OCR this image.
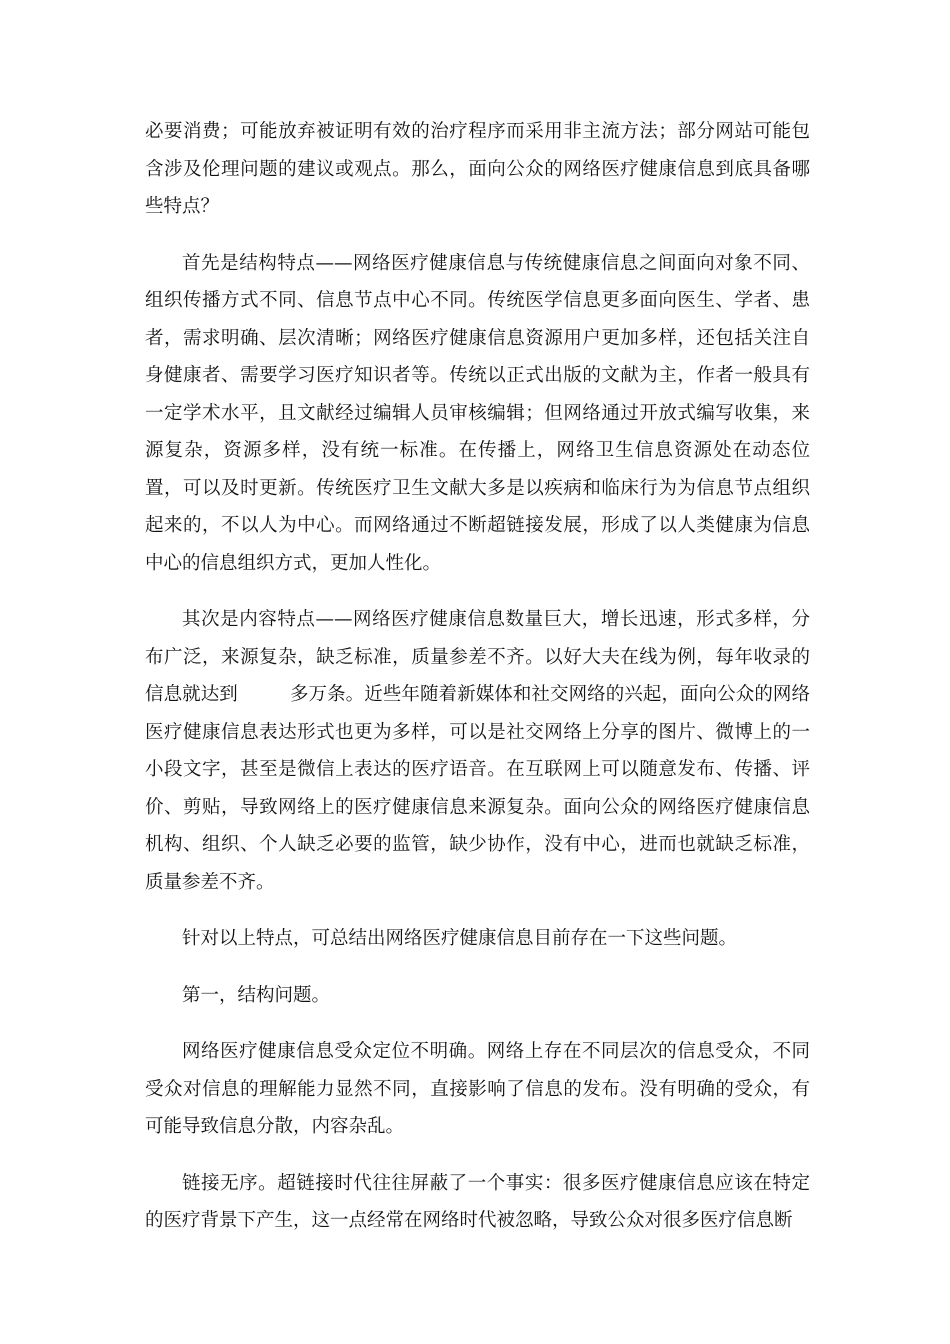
必要消费；可能放弃被证明有效的治疗程序而采用非主流方法；部分网站可能包含涉及伦理问题的建议或观点。那么，面向公众的网络医疗健康信息到底具备哪些特点？

首先是结构特点——网络医疗健康信息与传统健康信息之间面向对象不同、组织传播方式不同、信息节点中心不同。传统医学信息更多面向医生、学者、患者，需求明确、层次清晰；网络医疗健康信息资源用户更加多样，还包括关注自身健康者、需要学习医疗知识者等。传统以正式出版的文献为主，作者一般具有一定学术水平，且文献经过编辑人员审核编辑；但网络通过开放式编写收集，来源复杂，资源多样，没有统一标准。在传播上，网络卫生信息资源处在动态位置，可以及时更新。传统医疗卫生文献大多是以疾病和临床行为为信息节点组织起来的，不以人为中心。而网络通过不断超链接发展，形成了以人类健康为信息中心的信息组织方式，更加人性化。

其次是内容特点——网络医疗健康信息数量巨大，增长迅速，形式多样，分布广泛，来源复杂，缺乏标准，质量参差不齐。以好大夫在线为例，每年收录的信息就达到	多万条。近些年随着新媒体和社交网络的兴起，面向公众的网络医疗健康信息表达形式也更为多样，可以是社交网络上分享的图片、微博上的一小段文字，甚至是微信上表达的医疗语音。在互联网上可以随意发布、传播、评价、剪贴，导致网络上的医疗健康信息来源复杂。面向公众的网络医疗健康信息机构、组织、个人缺乏必要的监管，缺少协作，没有中心，进而也就缺乏标准，质量参差不齐。

针对以上特点，可总结出网络医疗健康信息目前存在一下这些问题。

第一，结构问题。

网络医疗健康信息受众定位不明确。网络上存在不同层次的信息受众，不同受众对信息的理解能力显然不同，直接影响了信息的发布。没有明确的受众，有可能导致信息分散，内容杂乱。

链接无序。超链接时代往往屏蔽了一个事实：很多医疗健康信息应该在特定的医疗背景下产生，这一点经常在网络时代被忽略，导致公众对很多医疗信息断
